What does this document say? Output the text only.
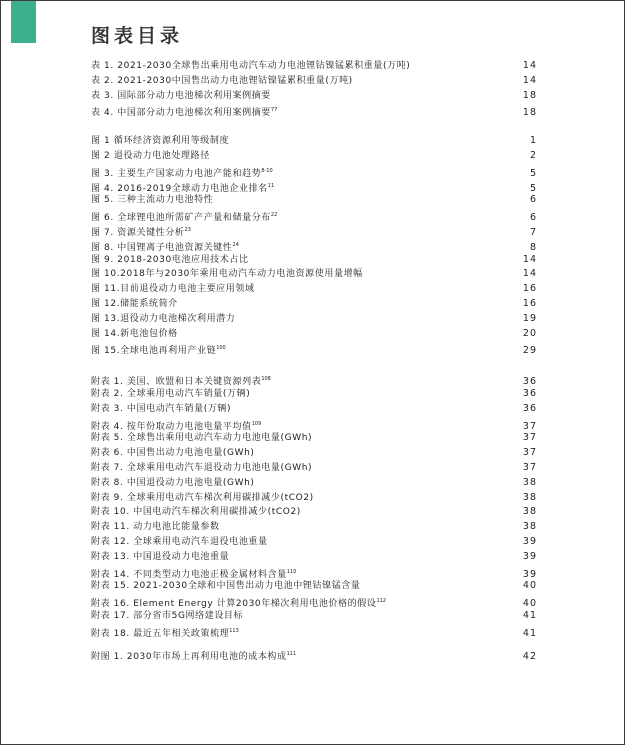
图表目录
表 1. 2021-2030全球售出乘用电动汽车动力电池锂钴镍锰累积重量(万吨)	14
表 2. 2021-2030中国售出动力电池锂钴镍锰累积重量(万吨)	14
表 3. 国际部分动力电池梯次利用案例摘要	18
表 4. 中国部分动力电池梯次利用案例摘要$^{77}$	18
图 1 循环经济资源利用等级制度	1
图 2 退役动力电池处理路径	2
图 3. 主要生产国家动力电池产能和趋势$^{8-10}$	5
图 4. 2016-2019全球动力电池企业排名$^{11}$	5
图 5. 三种主流动力电池特性	6
图 6. 全球锂电池所需矿产产量和储量分布$^{22}$	6
图 7. 资源关键性分析$^{23}$	7
图 8. 中国锂离子电池资源关键性$^{24}$	8
图 9. 2018-2030电池应用技术占比	14
图 10.2018年与2030年乘用电动汽车动力电池资源使用量增幅	14
图 11.目前退役动力电池主要应用领域	16
图 12.储能系统简介	16
图 13.退役动力电池梯次利用潜力	19
图 14.新电池包价格	20
图 15.全球电池再利用产业链$^{100}$	29
附表 1. 美国、欧盟和日本关键资源列表$^{108}$	36
附表 2. 全球乘用电动汽车销量(万辆)	36
附表 3. 中国电动汽车销量(万辆)	36
附表 4. 按年份取动力电池电量平均值$^{109}$	37
附表 5. 全球售出乘用电动汽车动力电池电量(GWh)	37
附表 6. 中国售出动力电池电量(GWh)	37
附表 7. 全球乘用电动汽车退役动力电池电量(GWh)	37
附表 8. 中国退役动力电池电量(GWh)	38
附表 9. 全球乘用电动汽车梯次利用碳排减少(tCO2)	38
附表 10. 中国电动汽车梯次利用碳排减少(tCO2)	38
附表 11. 动力电池比能量参数	38
附表 12. 全球乘用电动汽车退役电池重量	39
附表 13. 中国退役动力电池重量	39
附表 14. 不同类型动力电池正极金属材料含量$^{110}$	39
附表 15. 2021-2030全球和中国售出动力电池中锂钴镍锰含量	40
附表 16. Element Energy 计算2030年梯次利用电池价格的假设$^{112}$	40
附表 17. 部分省市5G网络建设目标	41
附表 18. 最近五年相关政策梳理$^{113}$	41
附图 1. 2030年市场上再利用电池的成本构成$^{111}$	42
